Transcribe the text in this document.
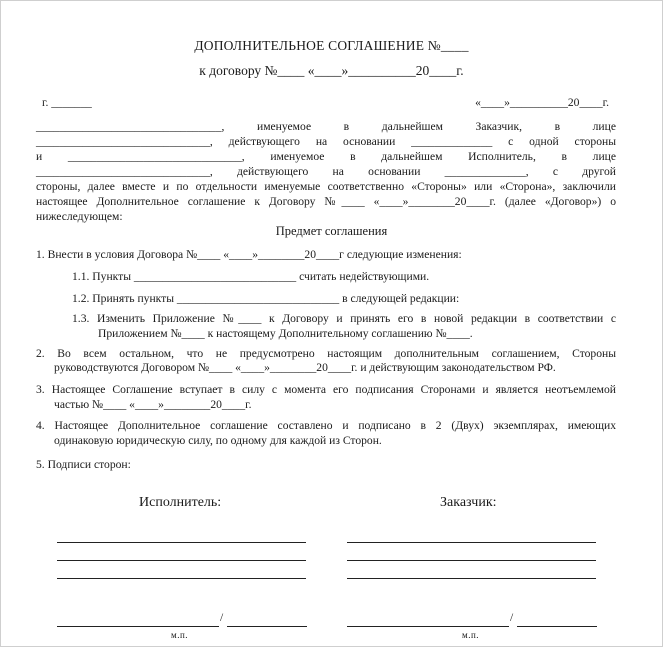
ДОПОЛНИТЕЛЬНОЕ СОГЛАШЕНИЕ №____
к договору №____ «____»__________20____г.
г. _______	«____»__________20____г.
________________________________, именуемое в дальнейшем Заказчик, в лице
______________________________, действующего на основании ______________ с одной стороны
и ______________________________, именуемое в дальнейшем Исполнитель, в лице
______________________________, действующего на основании ______________, с другой
стороны, далее вместе и по отдельности именуемые соответственно «Стороны» или «Сторона», заключили
настоящее Дополнительное соглашение к Договору №____ «____»________20____г. (далее «Договор») о
нижеследующем:
Предмет соглашения
1. Внести в условия Договора №____ «____»________20____г следующие изменения:
1.1. Пункты ____________________________ считать недействующими.
1.2. Принять пункты ____________________________ в следующей редакции:
1.3. Изменить Приложение №____ к Договору и принять его в новой редакции в соответствии с
Приложением №____ к настоящему Дополнительному соглашению №____.
2. Во всем остальном, что не предусмотрено настоящим дополнительным соглашением, Стороны
руководствуются Договором №____ «____»________20____г. и действующим законодательством РФ.
3. Настоящее Соглашение вступает в силу с момента его подписания Сторонами и является неотъемлемой
частью №____ «____»________20____г.
4. Настоящее Дополнительное соглашение составлено и подписано в 2 (Двух) экземплярах, имеющих
одинаковую юридическую силу, по одному для каждой из Сторон.
5. Подписи сторон:
Исполнитель:	Заказчик:
/	/
м.п.	м.п.
